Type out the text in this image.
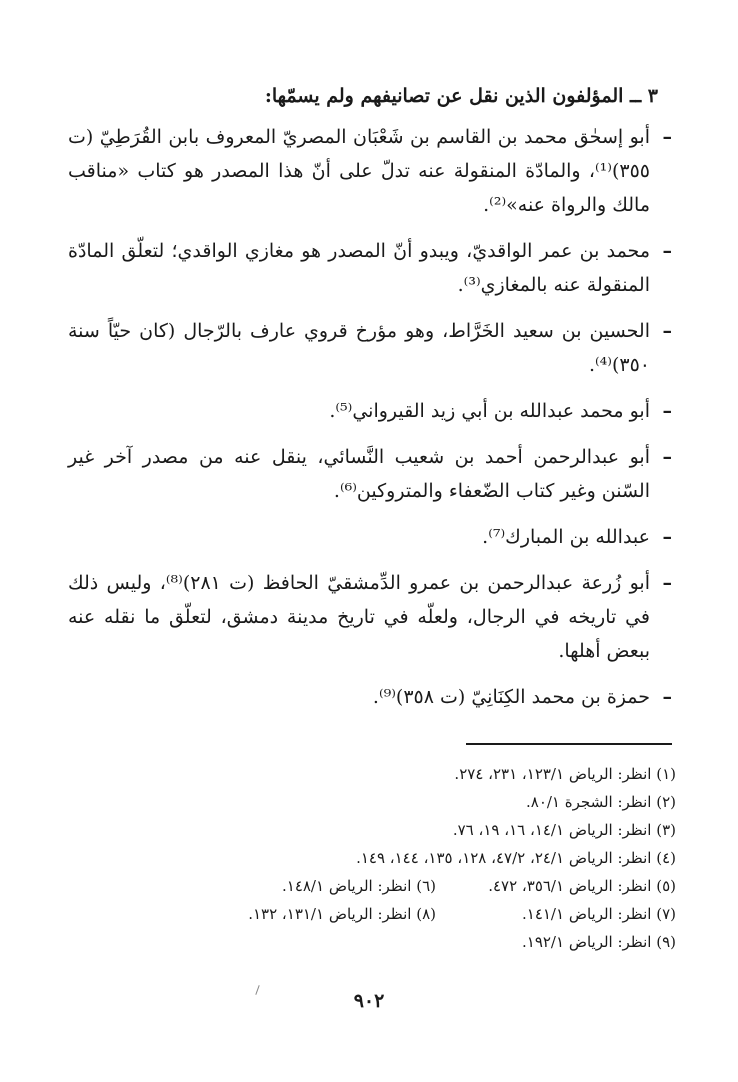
٣ ــ المؤلفون الذين نقل عن تصانيفهم ولم يسمّها:
–
أبو إسحٰق محمد بن القاسم بن شَعْبَان المصريّ المعروف بابن القُرَطِيّ (ت ٣٥٥)⁽¹⁾، والمادّة المنقولة عنه تدلّ على أنّ هذا المصدر هو كتاب «مناقب مالك والرواة عنه»⁽²⁾.
–
محمد بن عمر الواقديّ، ويبدو أنّ المصدر هو مغازي الواقدي؛ لتعلّق المادّة المنقولة عنه بالمغازي⁽³⁾.
–
الحسين بن سعيد الخَرَّاط، وهو مؤرخ قروي عارف بالرّجال (كان حيّاً سنة ٣٥٠)⁽⁴⁾.
–
أبو محمد عبدالله بن أبي زيد القيرواني⁽⁵⁾.
–
أبو عبدالرحمن أحمد بن شعيب النَّسائي، ينقل عنه من مصدر آخر غير السّنن وغير كتاب الضّعفاء والمتروكين⁽⁶⁾.
–
عبدالله بن المبارك⁽⁷⁾.
–
أبو زُرعة عبدالرحمن بن عمرو الدِّمشقيّ الحافظ (ت ٢٨١)⁽⁸⁾، وليس ذلك في تاريخه في الرجال، ولعلّه في تاريخ مدينة دمشق، لتعلّق ما نقله عنه ببعض أهلها.
–
حمزة بن محمد الكِنَانِيّ (ت ٣٥٨)⁽⁹⁾.
(١) انظر: الرياض ١٢٣/١، ٢٣١، ٢٧٤.
(٢) انظر: الشجرة ٨٠/١.
(٣) انظر: الرياض ١٤/١، ١٦، ١٩، ٧٦.
(٤) انظر: الرياض ٢٤/١، ٤٧/٢، ١٢٨، ١٣٥، ١٤٤، ١٤٩.
(٥) انظر: الرياض ٣٥٦/١، ٤٧٢.
(٦) انظر: الرياض ١٤٨/١.
(٧) انظر: الرياض ١٤١/١.
(٨) انظر: الرياض ١٣١/١، ١٣٢.
(٩) انظر: الرياض ١٩٢/١.
٩٠٢
